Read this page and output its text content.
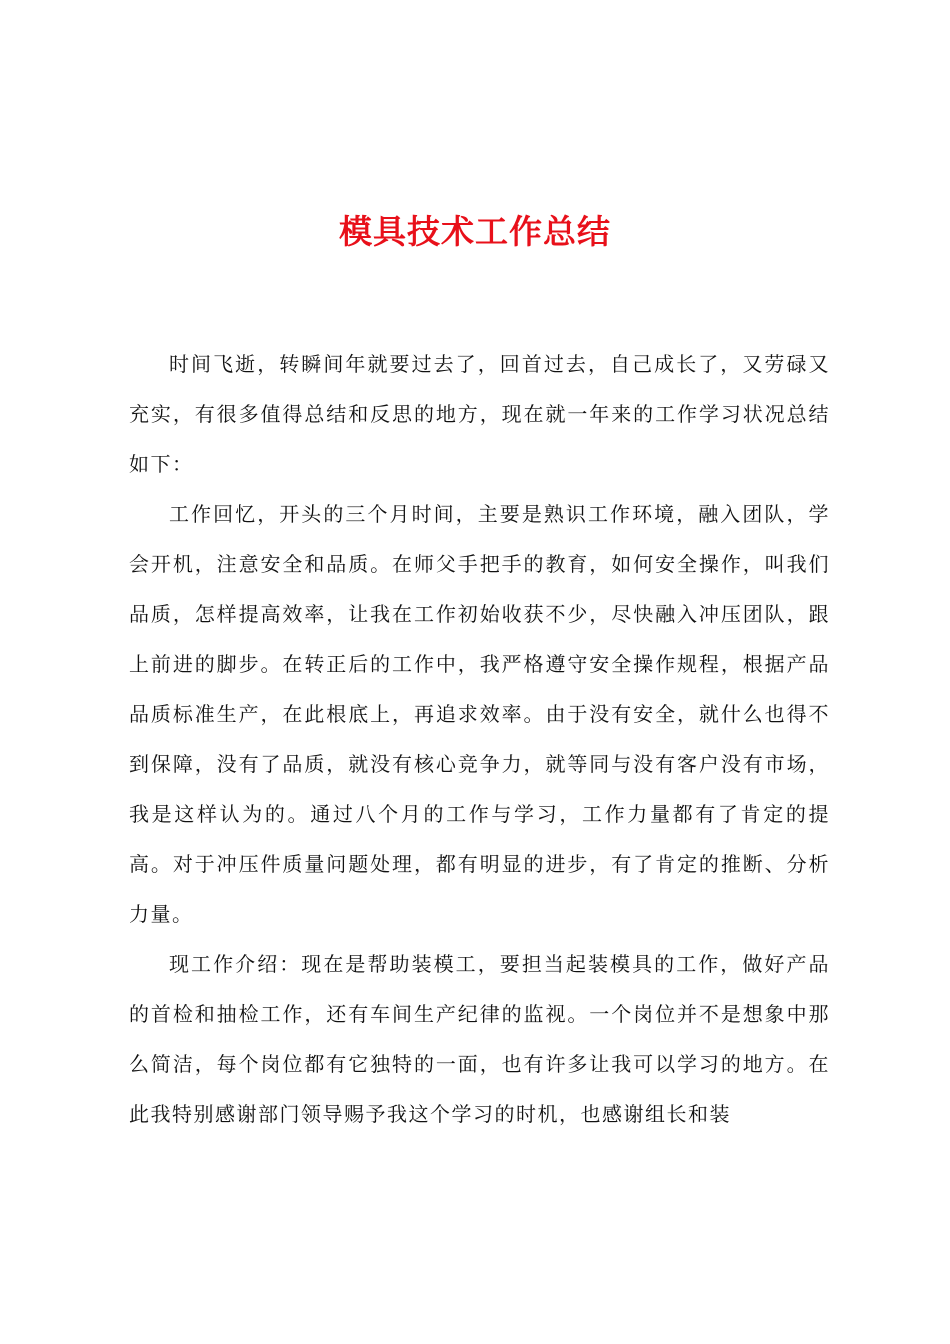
模具技术工作总结

时间飞逝，转瞬间年就要过去了，回首过去，自己成长了，又劳碌又充实，有很多值得总结和反思的地方，现在就一年来的工作学习状况总结如下：

工作回忆，开头的三个月时间，主要是熟识工作环境，融入团队，学会开机，注意安全和品质。在师父手把手的教育，如何安全操作，叫我们品质，怎样提高效率，让我在工作初始收获不少，尽快融入冲压团队，跟上前进的脚步。在转正后的工作中，我严格遵守安全操作规程，根据产品品质标准生产，在此根底上，再追求效率。由于没有安全，就什么也得不到保障，没有了品质，就没有核心竞争力，就等同与没有客户没有市场，我是这样认为的。通过八个月的工作与学习，工作力量都有了肯定的提高。对于冲压件质量问题处理，都有明显的进步，有了肯定的推断、分析力量。

现工作介绍：现在是帮助装模工，要担当起装模具的工作，做好产品的首检和抽检工作，还有车间生产纪律的监视。一个岗位并不是想象中那么简洁，每个岗位都有它独特的一面，也有许多让我可以学习的地方。在此我特别感谢部门领导赐予我这个学习的时机，也感谢组长和装
